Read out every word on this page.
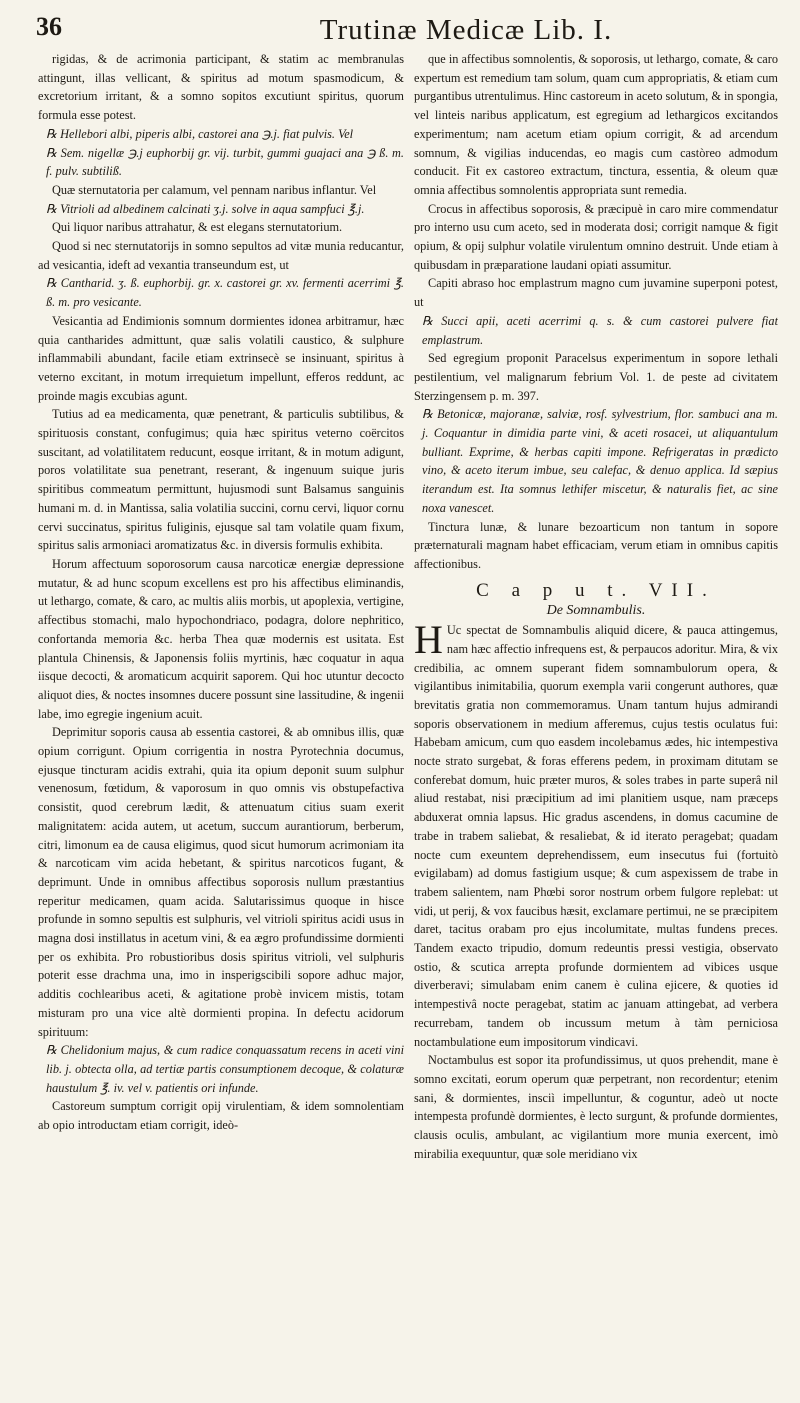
36	Trutinæ Medicæ Lib. I.

rigidas, & de acrimonia participant, & statim ac membranulas attingunt, illas vellicant, & spiritus ad motum spasmodicum, & excretorium irritant, & a somno sopitos excutiunt spiritus, quorum formula esse potest.

℞ Hellebori albi, piperis albi, castorei ana ℈.j. fiat pulvis. Vel

℞ Sem. nigellæ ℈.j euphorbij gr. vij. turbit, gummi guajaci ana ℈ ß. m. f. pulv. subtiliß.

Quæ sternutatoria per calamum, vel pennam naribus inflantur. Vel

℞ Vitrioli ad albedinem calcinati ʒ.j. solve in aqua sampfuci ℥.j.

Qui liquor naribus attrahatur, & est elegans sternutatorium.

Quod si nec sternutatorijs in somno sepultos ad vitæ munia reducantur, ad vesicantia, ideft ad vexantia transeundum est, ut

℞ Cantharid. ʒ. ß. euphorbij. gr. x. castorei gr. xv. fermenti acerrimi ℥. ß. m. pro vesicante.

Vesicantia ad Endimionis somnum dormientes idonea arbitramur, hæc quia cantharides admittunt, quæ salis volatili caustico, & sulphure inflammabili abundant, facile etiam extrinsecè se insinuant, spiritus à veterno excitant, in motum irrequietum impellunt, efferos reddunt, ac proinde magis excubias agunt.

Tutius ad ea medicamenta, quæ penetrant, & particulis subtilibus, & spirituosis constant, confugimus; quia hæc spiritus veterno coërcitos suscitant, ad volatilitatem reducunt, eosque irritant, & in motum adigunt, poros volatilitate sua penetrant, reserant, & ingenuum suique juris spiritibus commeatum permittunt, hujusmodi sunt Balsamus sanguinis humani m. d. in Mantissa, salia volatilia succini, cornu cervi, liquor cornu cervi succinatus, spiritus fuliginis, ejusque sal tam volatile quam fixum, spiritus salis armoniaci aromatizatus &c. in diversis formulis exhibita.

Horum affectuum soporosorum causa narcoticæ energiæ depressione mutatur, & ad hunc scopum excellens est pro his affectibus eliminandis, ut lethargo, comate, & caro, ac multis aliis morbis, ut apoplexia, vertigine, affectibus stomachi, malo hypochondriaco, podagra, dolore nephritico, confortanda memoria &c. herba Thea quæ modernis est usitata. Est plantula Chinensis, & Japonensis foliis myrtinis, hæc coquatur in aqua iisque decocti, & aromaticum acquirit saporem. Qui hoc utuntur decocto aliquot dies, & noctes insomnes ducere possunt sine lassitudine, & ingenii labe, imo egregie ingenium acuit.

Deprimitur soporis causa ab essentia castorei, & ab omnibus illis, quæ opium corrigunt. Opium corrigentia in nostra Pyrotechnia documus, ejusque tincturam acidis extrahi, quia ita opium deponit suum sulphur venenosum, fœtidum, & vaporosum in quo omnis vis obstupefactiva consistit, quod cerebrum lædit, & attenuatum citius suam exerit malignitatem: acida autem, ut acetum, succum aurantiorum, berberum, citri, limonum ea de causa eligimus, quod sicut humorum acrimoniam ita & narcoticam vim acida hebetant, & spiritus narcoticos fugant, & deprimunt. Unde in omnibus affectibus soporosis nullum præstantius reperitur medicamen, quam acida. Salutarissimus quoque in hisce profunde in somno sepultis est sulphuris, vel vitrioli spiritus acidi usus in magna dosi instillatus in acetum vini, & ea ægro profundissime dormienti per os exhibita. Pro robustioribus dosis spiritus vitrioli, vel sulphuris poterit esse drachma una, imo in insperigscibili sopore adhuc major, additis cochlearibus aceti, & agitatione probè invicem mistis, totam misturam pro una vice altè dormienti propina. In defectu acidorum spirituum:

℞ Chelidonium majus, & cum radice conquassatum recens in aceti vini lib. j. obtecta olla, ad tertiæ partis consumptionem decoque, & colaturæ haustulum ℥. iv. vel v. patientis ori infunde.

Castoreum sumptum corrigit opij virulentiam, & idem somnolentiam ab opio introductam etiam corrigit, ideò-

que in affectibus somnolentis, & soporosis, ut lethargo, comate, & caro expertum est remedium tam solum, quam cum appropriatis, & etiam cum purgantibus utrentulimus. Hinc castoreum in aceto solutum, & in spongia, vel linteis naribus applicatum, est egregium ad lethargicos excitandos experimentum; nam acetum etiam opium corrigit, & ad arcendum somnum, & vigilias inducendas, eo magis cum castòreo admodum conducit. Fit ex castoreo extractum, tinctura, essentia, & oleum quæ omnia affectibus somnolentis appropriata sunt remedia.

Crocus in affectibus soporosis, & præcipuè in caro mire commendatur pro interno usu cum aceto, sed in moderata dosi; corrigit namque & figit opium, & opij sulphur volatile virulentum omnino destruit. Unde etiam à quibusdam in præparatione laudani opiati assumitur.

Capiti abraso hoc emplastrum magno cum juvamine superponi potest, ut

℞ Succi apii, aceti acerrimi q. s. & cum castorei pulvere fiat emplastrum.

Sed egregium proponit Paracelsus experimentum in sopore lethali pestilentium, vel malignarum febrium Vol. 1. de peste ad civitatem Sterzingensem p. m. 397.

℞ Betonicæ, majoranæ, salviæ, rosf. sylvestrium, flor. sambuci ana m. j. Coquantur in dimidia parte vini, & aceti rosacei, ut aliquantulum bulliant. Exprime, & herbas capiti impone. Refrigeratas in prædicto vino, & aceto iterum imbue, seu calefac, & denuo applica. Id sæpius iterandum est. Ita somnus lethifer miscetur, & naturalis fiet, ac sine noxa vanescet.

Tinctura lunæ, & lunare bezoarticum non tantum in sopore præternaturali magnam habet efficaciam, verum etiam in omnibus capitis affectionibus.

C a p u t. VII.

De Somnambulis.

H Uc spectat de Somnambulis aliquid dicere, & pauca attingemus, nam hæc affectio infrequens est, & perpaucos adoritur. Mira, & vix credibilia, ac omnem superant fidem somnambulorum opera, & vigilantibus inimitabilia, quorum exempla varii congerunt authores, quæ brevitatis gratia non commemoramus. Unam tantum hujus admirandi soporis observationem in medium afferemus, cujus testis oculatus fui: Habebam amicum, cum quo easdem incolebamus ædes, hic intempestiva nocte strato surgebat, & foras efferens pedem, in proximam ditutam se conferebat domum, huic præter muros, & soles trabes in parte superâ nil aliud restabat, nisi præcipitium ad imi planitiem usque, nam præceps abduxerat omnia lapsus. Hic gradus ascendens, in domus cacumine de trabe in trabem saliebat, & resaliebat, & id iterato peragebat; quadam nocte cum exeuntem deprehendissem, eum insecutus fui (fortuitò evigilabam) ad domus fastigium usque; & cum aspexissem de trabe in trabem salientem, nam Phœbi soror nostrum orbem fulgore replebat: ut vidi, ut perij, & vox faucibus hæsit, exclamare pertimui, ne se præcipitem daret, tacitus orabam pro ejus incolumitate, multas fundens preces. Tandem exacto tripudio, domum redeuntis pressi vestigia, observato ostio, & scutica arrepta profunde dormientem ad vibices usque diverberavi; simulabam enim canem è culina ejicere, & quoties id intempestivâ nocte peragebat, statim ac januam attingebat, ad verbera recurrebam, tandem ob incussum metum à tàm perniciosa noctambulatione eum impositorum vindicavi.

Noctambulus est sopor ita profundissimus, ut quos prehendit, mane è somno excitati, eorum operum quæ perpetrant, non recordentur; etenim sani, & dormientes, insciì impelluntur, & coguntur, adeò ut nocte intempesta profundè dormientes, è lecto surgunt, & profunde dormientes, clausis oculis, ambulant, ac vigilantium more munia exercent, imò mirabilia exequuntur, quæ sole meridiano vix
